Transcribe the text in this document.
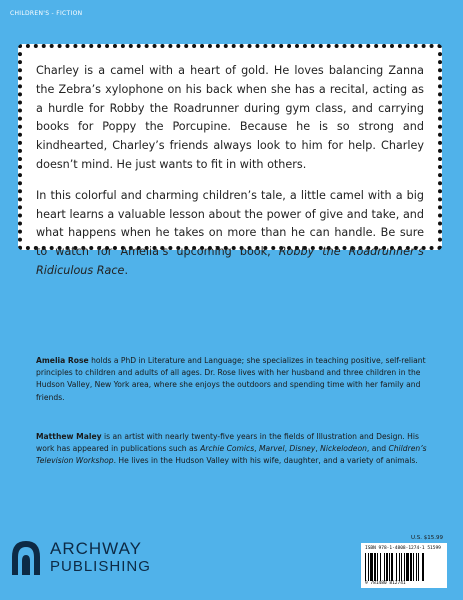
CHILDREN'S - FICTION

Charley is a camel with a heart of gold. He loves balancing Zanna the Zebra’s xylophone on his back when she has a recital, acting as a hurdle for Robby the Roadrunner during gym class, and carrying books for Poppy the Porcupine. Because he is so strong and kindhearted, Charley’s friends always look to him for help. Charley doesn’t mind. He just wants to fit in with others.

In this colorful and charming children’s tale, a little camel with a big heart learns a valuable lesson about the power of give and take, and what happens when he takes on more than he can handle. Be sure to watch for Amelia’s upcoming book, Robby the Roadrunner’s Ridiculous Race.

Amelia Rose holds a PhD in Literature and Language; she specializes in teaching positive, self-reliant principles to children and adults of all ages. Dr. Rose lives with her husband and three children in the Hudson Valley, New York area, where she enjoys the outdoors and spending time with her family and friends.

Matthew Maley is an artist with nearly twenty-five years in the fields of Illustration and Design. His work has appeared in publications such as Archie Comics, Marvel, Disney, Nickelodeon, and Children’s Television Workshop. He lives in the Hudson Valley with his wife, daughter, and a variety of animals.

ARCHWAY
PUBLISHING
U.S. $15.99
ISBN 978-1-4808-1274-1 51599
9 781480 812741
